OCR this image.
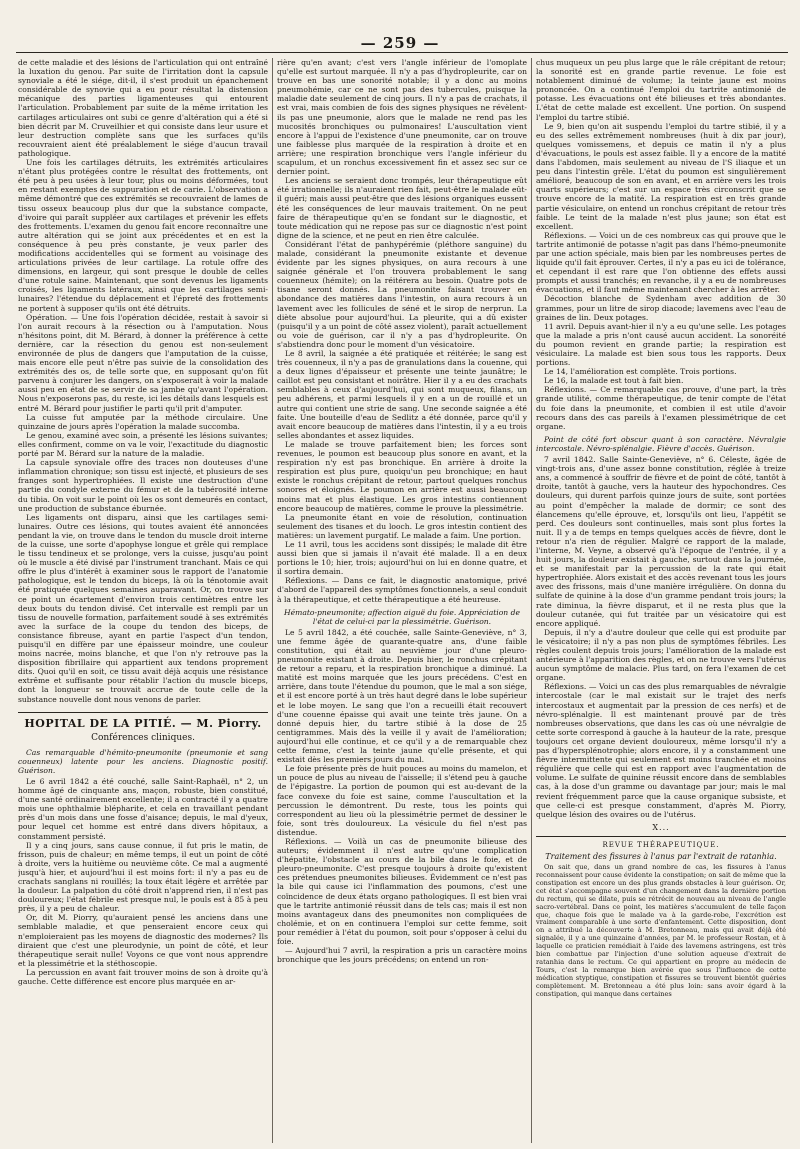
— 259 —

de cette maladie et des lésions de l'articulation qui ont entraîné la luxation du genou. Par suite de l'irritation dont la capsule synoviale a été le siége, dit-il, il s'est produit un épanchement considérable de synovie qui a eu pour résultat la distension mécanique des parties ligamenteuses qui entourent l'articulation. Probablement par suite de la même irritation les cartilages articulaires ont subi ce genre d'altération qui a été si bien décrit par M. Cruveilhier et qui consiste dans leur usure et leur destruction complète sans que les surfaces qu'ils recouvraient aient été préalablement le siége d'aucun travail pathologique.

Une fois les cartilages détruits, les extrémités articulaires n'étant plus protégées contre le résultat des frottements, ont été peu à peu usées à leur tour, plus ou moins déformées, tout en restant exemptes de suppuration et de carie. L'observation a même démontré que ces extrémités se recouvraient de lames de tissu osseux beaucoup plus dur que la substance compacte, d'ivoire qui paraît suppléer aux cartilages et prévenir les effets des frottements. L'examen du genou fait encore reconnaître une autre altération qui se joint aux précédentes et en est la conséquence à peu près constante, je veux parler des modifications accidentelles qui se forment au voisinage des articulations privées de leur cartilage. La rotule offre des dimensions, en largeur, qui sont presque le double de celles d'une rotule saine. Maintenant, que sont devenus les ligaments croisés, les ligaments latéraux, ainsi que les cartilages semi-lunaires? l'étendue du déplacement et l'épreté des frottements ne portent à supposer qu'ils ont été détruits.

Opération. — Une fois l'opération décidée, restait à savoir si l'on aurait recours à la résection ou à l'amputation. Nous n'hésitons point, dit M. Bérard, à donner la préférence à cette dernière, car la résection du genou est non-seulement environnée de plus de dangers que l'amputation de la cuisse, mais encore elle peut n'être pas suivie de la consolidation des extrémités des os, de telle sorte que, en supposant qu'on fût parvenu à conjurer les dangers, on s'exposerait à voir la malade aussi peu en état de se servir de sa jambe qu'avant l'opération. Nous n'exposerons pas, du reste, ici les détails dans lesquels est entré M. Bérard pour justifier le parti qu'il prit d'amputer.

La cuisse fut amputée par la méthode circulaire. Une quinzaine de jours après l'opération la malade succomba.

Le genou, examiné avec soin, a présenté les lésions suivantes; elles confirment, comme on va le voir, l'exactitude du diagnostic porté par M. Bérard sur la nature de la maladie.

La capsule synoviale offre des traces non douteuses d'une inflammation chronique; son tissu est injecté, et plusieurs de ses franges sont hypertrophiées. Il existe une destruction d'une partie du condyle externe du fémur et de la tubérosité interne du tibia. On voit sur le point où les os sont demeurés en contact, une production de substance éburnée.

Les ligaments ont disparu, ainsi que les cartilages semi-lunaires. Outre ces lésions, qui toutes avaient été annoncées pendant la vie, on trouve dans le tendon du muscle droit interne de la cuisse, une sorte d'apophyse longue et grêle qui remplace le tissu tendineux et se prolonge, vers la cuisse, jusqu'au point où le muscle a été divisé par l'instrument tranchant. Mais ce qui offre le plus d'intérêt à examiner sous le rapport de l'anatomie pathologique, est le tendon du biceps, là où la ténotomie avait été pratiquée quelques semaines auparavant. Or, on trouve sur ce point un écartement d'environ trois centimètres entre les deux bouts du tendon divisé. Cet intervalle est rempli par un tissu de nouvelle formation, parfaitement soudé à ses extrémités avec la surface de la coupe du tendon des biceps, de consistance fibreuse, ayant en partie l'aspect d'un tendon, puisqu'il en diffère par une épaisseur moindre, une couleur moins nacrée, moins blanche, et que l'on n'y retrouve pas la disposition fibrillaire qui appartient aux tendons proprement dits. Quoi qu'il en soit, ce tissu avait déjà acquis une résistance extrême et suffisante pour rétablir l'action du muscle biceps, dont la longueur se trouvait accrue de toute celle de la substance nouvelle dont nous venons de parler.

HOPITAL DE LA PITIÉ. — M. Piorry.
Conférences cliniques.

Cas remarquable d'hémito-pneumonite (pneumonie et sang couenneux) latente pour les anciens. Diagnostic positif. Guérison.

Le 6 avril 1842 a été couché, salle Saint-Raphaël, n° 2, un homme âgé de cinquante ans, maçon, robuste, bien constitué, d'une santé ordinairement excellente; il a contracté il y a quatre mois une ophthalmie blépharite, et cela en travaillant pendant près d'un mois dans une fosse d'aisance; depuis, le mal d'yeux, pour lequel cet homme est entré dans divers hôpitaux, a constamment persisté.

Il y a cinq jours, sans cause connue, il fut pris le matin, de frisson, puis de chaleur; en même temps, il eut un point de côté à droite, vers la huitième ou neuvième côte. Ce mal a augmenté jusqu'à hier, et aujourd'hui il est moins fort: il n'y a pas eu de crachats sanglans ni rouillés; la toux était légère et arrêtée par la douleur. La palpation du côté droit n'apprend rien, il n'est pas douloureux; l'état fébrile est presque nul, le pouls est à 85 à peu près, il y a peu de chaleur.

Or, dit M. Piorry, qu'auraient pensé les anciens dans une semblable maladie, et que penseraient encore ceux qui n'emploieraient pas les moyens de diagnostic des modernes? Ils diraient que c'est une pleurodynie, un point de côté, et leur thérapeutique serait nulle! Voyons ce que vont nous apprendre et la plessimétrie et la stéthoscopie.

La percussion en avant fait trouver moins de son à droite qu'à gauche. Cette différence est encore plus marquée en ar-

rière qu'en avant; c'est vers l'angle inférieur de l'omoplate qu'elle est surtout marquée. Il n'y a pas d'hydropleurite, car on trouve en bas une sonorité notable; il y a donc au moins pneumohémie, car ce ne sont pas des tubercules, puisque la maladie date seulement de cinq jours. Il n'y a pas de crachats, il est vrai, mais combien de fois des signes physiques ne révèlent-ils pas une pneumonie, alors que le malade ne rend pas les mucosités bronchiques ou pulmonaires! L'auscultation vient encore à l'appui de l'existence d'une pneumonite, car on trouve une faiblesse plus marquée de la respiration à droite et en arrière; une respiration bronchique vers l'angle inférieur du scapulum, et un ronchus excessivement fin et assez sec sur ce dernier point.

Les anciens se seraient donc trompés, leur thérapeutique eût été irrationnelle; ils n'auraient rien fait, peut-être le malade eût-il guéri; mais aussi peut-être que des lésions organiques eussent été les conséquences de leur mauvais traitement. On ne peut faire de thérapeutique qu'en se fondant sur le diagnostic, et toute médication qui ne repose pas sur ce diagnostic n'est point digne de la science, et ne peut en rien être calculée.

Considérant l'état de panhypérémie (pléthore sanguine) du malade, considérant la pneumonite existante et devenue évidente par les signes physiques, on aura recours à une saignée générale et l'on trouvera probablement le sang couenneux (hémite); on la réitérera au besoin. Quatre pots de tisane seront donnés. La pneumonite faisant trouver en abondance des matières dans l'intestin, on aura recours à un lavement avec les follicules de séné et le sirop de nerprun. La diète absolue pour aujourd'hui. La pleurite, qui a dû exister (puisqu'il y a un point de côté assez violent), paraît actuellement ou voie de guérison, car il n'y a pas d'hydropleurite. On s'abstiendra donc pour le moment d'un vésicatoire.

Le 8 avril, la saignée a été pratiquée et réitérée; le sang est très couenneux, il n'y a pas de granulations dans la couenne, qui a deux lignes d'épaisseur et présente une teinte jaunâtre; le caillot est peu consistant et noirâtre. Hier il y a eu des crachats semblables à ceux d'aujourd'hui, qui sont muqueux, filans, un peu adhérens, et parmi lesquels il y en a un de rouillé et un autre qui contient une strie de sang. Une seconde saignée a été faite. Une bouteille d'eau de Sedlitz a été donnée, parce qu'il y avait encore beaucoup de matières dans l'intestin, il y a eu trois selles abondantes et assez liquides.

Le malade se trouve parfaitement bien; les forces sont revenues, le poumon est beaucoup plus sonore en avant, et la respiration n'y est pas bronchique. En arrière à droite la respiration est plus pure, quoiqu'un peu bronchique; en haut existe le ronchus crépitant de retour, partout quelques ronchus sonores et éloignés. Le poumon en arrière est aussi beaucoup moins mat et plus élastique. Les gros intestins contiennent encore beaucoup de matières, comme le prouve la plessimétrie.

La pneumonite étant en voie de résolution, continuation seulement des tisanes et du looch. Le gros intestin contient des matières: un lavement purgatif. Le malade a faim. Une portion.

Le 11 avril, tous les accidens sont dissipés; le malade dit être aussi bien que si jamais il n'avait été malade. Il a en deux portions le 10; hier, trois; aujourd'hui on lui en donne quatre, et il sortira demain.

Réflexions. — Dans ce fait, le diagnostic anatomique, privé d'abord de l'appareil des symptômes fonctionnels, a seul conduit à la thérapeutique, et cette thérapeutique a été heureuse.

Hémato-pneumonite; affection aiguë du foie. Appréciation de l'état de celui-ci par la plessimétrie. Guérison.

Le 5 avril 1842, a été couchée, salle Sainte-Geneviève, n° 3, une femme âgée de quarante-quatre ans, d'une faible constitution, qui était au neuvième jour d'une pleuro-pneumonite existant à droite. Depuis hier, le ronchus crépitant de retour a reparu, et la respiration bronchique a diminué. La matité est moins marquée que les jours précédens. C'est en arrière, dans toute l'étendue du poumon, que le mal a son siége, et il est encore porté à un très haut degré dans le lobe supérieur et le lobe moyen. Le sang que l'on a recueilli était recouvert d'une couenne épaisse qui avait une teinte très jaune. On a donné depuis hier, du tartre stibié à la dose de 25 centigrammes. Mais dès la veille il y avait de l'amélioration; aujourd'hui elle continue, et ce qu'il y a de remarquable chez cette femme, c'est la teinte jaune qu'elle présente, et qui existait dès les premiers jours du mal.

Le foie présente près de huit pouces au moins du mamelon, et un pouce de plus au niveau de l'aisselle; il s'étend peu à gauche de l'épigastre. La portion de poumon qui est au-devant de la face convexe du foie est saine, comme l'auscultation et la percussion le démontrent. Du reste, tous les points qui correspondent au lieu où la plessimétrie permet de dessiner le foie, sont très douloureux. La vésicule du fiel n'est pas distendue.

Réflexions. — Voilà un cas de pneumonite bilieuse des auteurs; évidemment il n'est autre qu'une complication d'hépatite, l'obstacle au cours de la bile dans le foie, et de pleuro-pneumonite. C'est presque toujours à droite qu'existent ces prétendues pneumonites bilieuses. Évidemment ce n'est pas la bile qui cause ici l'inflammation des poumons, c'est une coïncidence de deux états organo pathologiques. Il est bien vrai que le tartrite antimonié réussit dans de tels cas; mais il est non moins avantageux dans des pneumonites non compliquées de cholémie, et on en continuera l'emploi sur cette femme, soit pour remédier à l'état du poumon, soit pour s'opposer à celui du foie.

— Aujourd'hui 7 avril, la respiration a pris un caractère moins bronchique que les jours précédens; on entend un ron-

chus muqueux un peu plus large que le râle crépitant de retour; la sonorité est en grande partie revenue. Le foie est notablement diminué de volume; la teinte jaune est moins prononcée. On a continué l'emploi du tartrite antimonié de potasse. Les évacuations ont été bilieuses et très abondantes. L'état de cette malade est excellent. Une portion. On suspend l'emploi du tartre stibié.

Le 9, bien qu'on ait suspendu l'emploi du tartre stibié, il y a eu des selles extrêmement nombreuses (huit à dix par jour), quelques vomissemens, et depuis ce matin il n'y a plus d'évacuations, le pouls est assez faible. Il y a encore de la matité dans l'abdomen, mais seulement au niveau de l'S iliaque et un peu dans l'intestin grêle. L'état du poumon est singulièrement amélioré, beaucoup de son en avant, et en arrière vers les trois quarts supérieurs; c'est sur un espace très circonscrit que se trouve encore de la matité. La respiration est en très grande partie vésiculaire, on entend un ronchus crépitant de retour très faible. Le teint de la malade n'est plus jaune; son état est excellent.

Réflexions. — Voici un de ces nombreux cas qui prouve que le tartrite antimonié de potasse n'agit pas dans l'hémo-pneumonite par une action spéciale, mais bien par les nombreuses pertes de liquide qu'il fait éprouver. Certes, il n'y a pas eu ici de tolérance, et cependant il est rare que l'on obtienne des effets aussi prompts et aussi tranchés; en revanche, il y a eu de nombreuses évacuations, et il faut même maintenant chercher à les arrêter.

Décoction blanche de Sydenham avec addition de 30 grammes, pour un litre de sirop diacode; lavemens avec l'eau de graines de lin. Deux potages.

11 avril. Depuis avant-hier il n'y a eu qu'une selle. Les potages que la malade a pris n'ont causé aucun accident. La sonoréité du poumon revient en grande partie; la respiration est vésiculaire. La malade est bien sous tous les rapports. Deux portions.

Le 14, l'amélioration est complète. Trois portions.

Le 16, la malade est tout à fait bien.

Réflexions. — Ce remarquable cas prouve, d'une part, la très grande utilité, comme thérapeutique, de tenir compte de l'état du foie dans la pneumonite, et combien il est utile d'avoir recours dans des cas pareils à l'examen plessimétrique de cet organe.

Point de côté fort obscur quant à son caractère. Névralgie intercostale. Névro-splénalgie. Fièvre d'accès. Guérison.

7 avril 1842. Salle Sainte-Geneviève, n° 6. Céleste, âgée de vingt-trois ans, d'une assez bonne constitution, réglée à treize ans, a commencé à souffrir de fièvre et de point de côté, tantôt à droite, tantôt à gauche, vers la hauteur des hypochondres. Ces douleurs, qui durent parfois quinze jours de suite, sont portées au point d'empêcher la malade de dormir; ce sont des élancemens qu'elle éprouve, et, lorsqu'ils ont lieu, l'appétit se perd. Ces douleurs sont continuelles, mais sont plus fortes la nuit. Il y a de temps en temps quelques accès de fièvre, dont le retour n'a rien de régulier. Malgré ce rapport de la malade, l'interne, M. Veyne, a observé qu'à l'époque de l'entrée, il y a huit jours, la douleur existait à gauche, surtout dans la journée, et se manifestait par la percussion de la rate qui était hypertrophiée. Alors existait et des accès revenant tous les jours avec des frissons, mais d'une manière irrégulière. On donna du sulfate de quinine à la dose d'un gramme pendant trois jours; la rate diminua, la fièvre disparut, et il ne resta plus que la douleur cutanée, qui fut traitée par un vésicatoire qui est encore appliqué.

Depuis, il n'y a d'autre douleur que celle qui est produite par le vésicatoire; il n'y a pas non plus de symptômes fébriles. Les règles coulent depuis trois jours; l'amélioration de la malade est antérieure à l'apparition des règles, et on ne trouve vers l'utérus aucun symptôme de malacie. Plus tard, on fera l'examen de cet organe.

Réflexions. — Voici un cas des plus remarquables de névralgie intercostale (car le mal existait sur le trajet des nerfs intercostaux et augmentait par la pression de ces nerfs) et de névro-splénalgie. Il est maintenant prouvé par de très nombreuses observations, que dans les cas où une névralgie de cette sorte correspond à gauche à la hauteur de la rate, presque toujours cet organe devient douloureux, même lorsqu'il n'y a pas d'hypersplénotrophie; alors encore, il y a constamment une fièvre intermittente qui seulement est moins tranchée et moins régulière que celle qui est en rapport avec l'augmentation de volume. Le sulfate de quinine réussit encore dans de semblables cas, à la dose d'un gramme ou davantage par jour; mais le mal revient fréquemment parce que la cause organique subsiste, et que celle-ci est presque constamment, d'après M. Piorry, quelque lésion des ovaires ou de l'utérus.

X...
REVUE THÉRAPEUTIQUE.
Traitement des fissures à l'anus par l'extrait de ratanhia.

On sait que, dans un grand nombre de cas, les fissures à l'anus reconnaissent pour cause évidente la constipation; on sait de même que la constipation est encore un des plus grands obstacles à leur guérison. Or, cet état s'accompagne souvent d'un changement dans la dernière portion du rectum, qui se dilate, puis se rétrécit de nouveau au niveau de l'angle sacro-vertébral. Dans ce point, les matières s'accumulent de telle façon que, chaque fois que le malade va à la garde-robe, l'excrétion est vraiment comparable à une sorte d'enfantement. Cette disposition, dont on a attribué la découverte à M. Bretonneau, mais qui avait déjà été signalée, il y a une quinzaine d'années, par M. le professeur Rostan, et à laquelle ce praticien remédiait à l'aide des lavemens astringens, est très bien combattue par l'injection d'une solution aqueuse d'extrait de ratanhia dans le rectum. Ce qui appartient en propre au médecin de Tours, c'est la remarque bien avérée que sous l'influence de cette médication styptique, constipation et fissures se trouvent bientôt guéries complètement. M. Bretonneau a été plus loin: sans avoir égard à la constipation, qui manque dans certaines
